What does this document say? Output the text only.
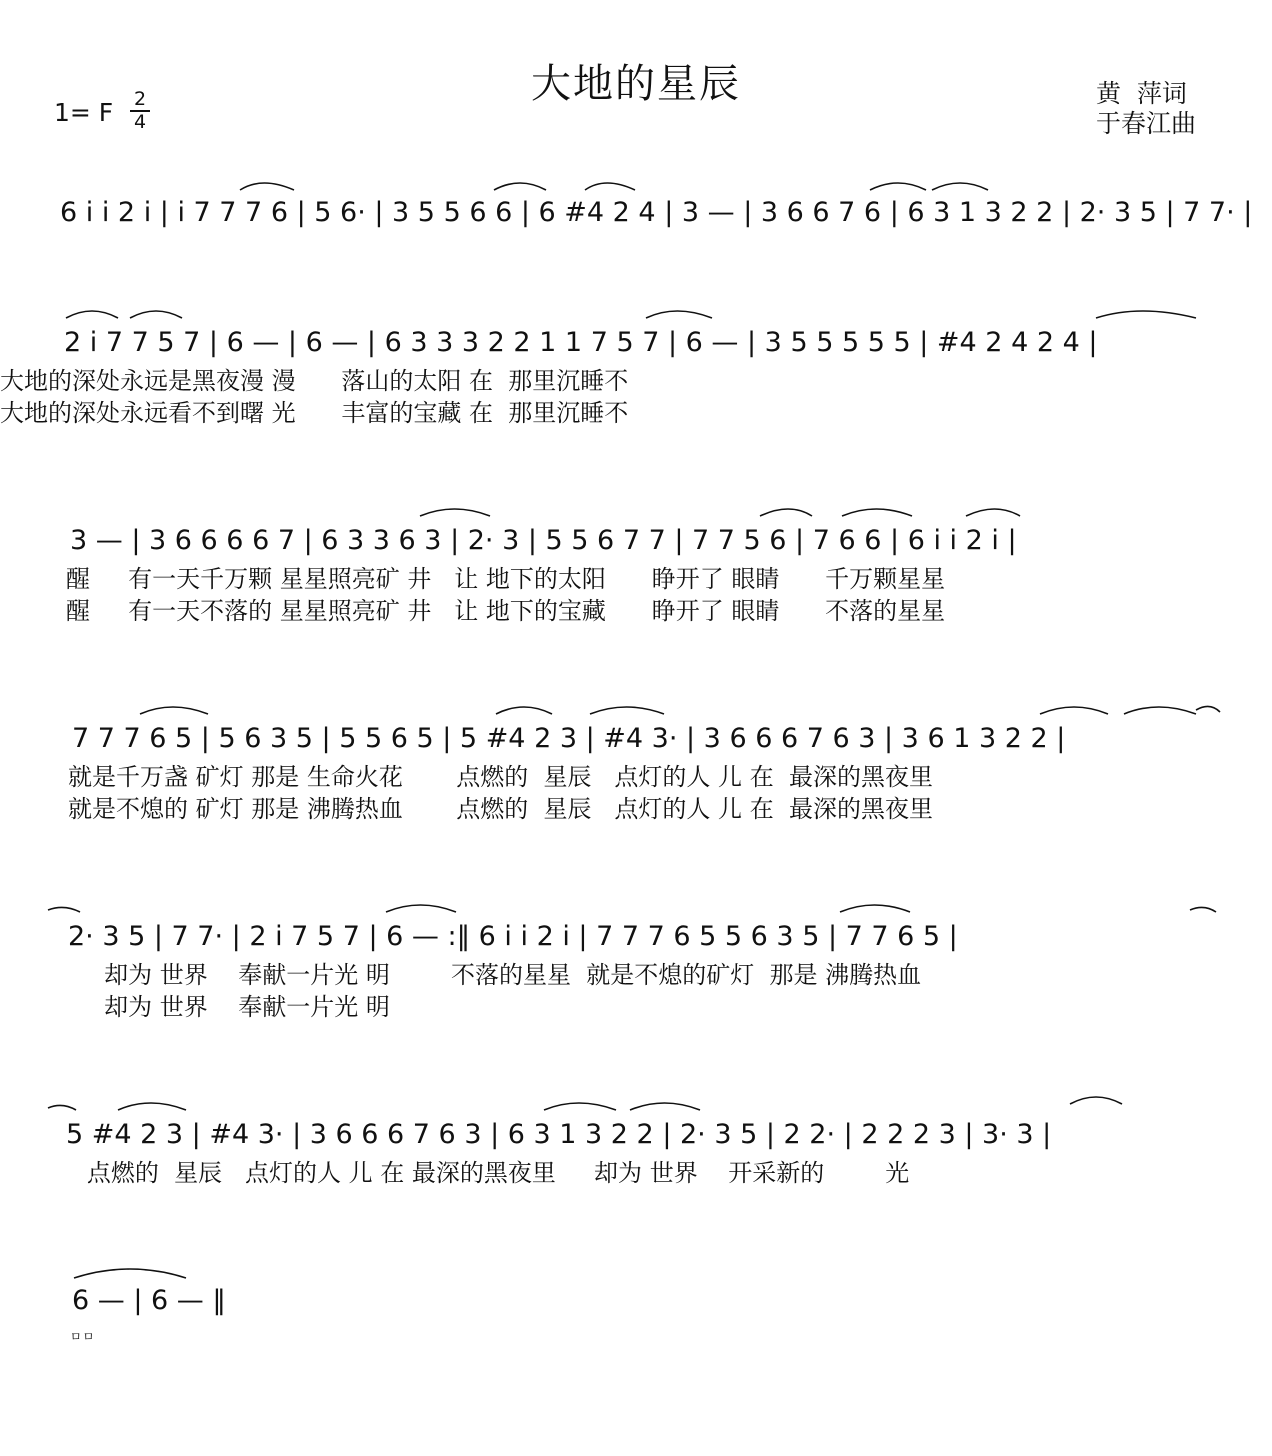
大地的星辰	黄  萍词
于春江曲
1= F 2
4
6 i i 2 i | i 7 7 7 6 | 5 6· | 3 5 5 6 6 | 6 #4 2 4 | 3 — | 3 6 6 7 6 | 6 3 1 3 2 2 | 2· 3 5 | 7 7· |
2 i 7 7 5 7 | 6 — | 6 — | 6 3 3 3 2 2 1 1 7 5 7 | 6 — | 3 5 5 5 5 5 | #4 2 4 2 4 |
大地的深处永远是黑夜漫 漫      落山的太阳 在  那里沉睡不
大地的深处永远看不到曙 光      丰富的宝藏 在  那里沉睡不
3 — | 3 6 6 6 6 7 | 6 3 3 6 3 | 2· 3 | 5 5 6 7 7 | 7 7 5 6 | 7 6 6 | 6 i i 2 i |
醒     有一天千万颗 星星照亮矿 井   让 地下的太阳      睁开了 眼睛      千万颗星星
醒     有一天不落的 星星照亮矿 井   让 地下的宝藏      睁开了 眼睛      不落的星星
7 7 7 6 5 | 5 6 3 5 | 5 5 6 5 | 5 #4 2 3 | #4 3· | 3 6 6 6 7 6 3 | 3 6 1 3 2 2 |
就是千万盏 矿灯 那是 生命火花       点燃的  星辰   点灯的人 儿 在  最深的黑夜里
就是不熄的 矿灯 那是 沸腾热血       点燃的  星辰   点灯的人 儿 在  最深的黑夜里
2· 3 5 | 7 7· | 2 i 7 5 7 | 6 — :‖ 6 i i 2 i | 7 7 7 6 5 5 6 3 5 | 7 7 6 5 |
却为 世界    奉献一片光 明        不落的星星  就是不熄的矿灯  那是 沸腾热血
却为 世界    奉献一片光 明
5 #4 2 3 | #4 3· | 3 6 6 6 7 6 3 | 6 3 1 3 2 2 | 2· 3 5 | 2 2· | 2 2 2 3 | 3· 3 |
点燃的  星辰   点灯的人 儿 在 最深的黑夜里     却为 世界    开采新的        光
6 — | 6 — ‖
ㅁㅁ
